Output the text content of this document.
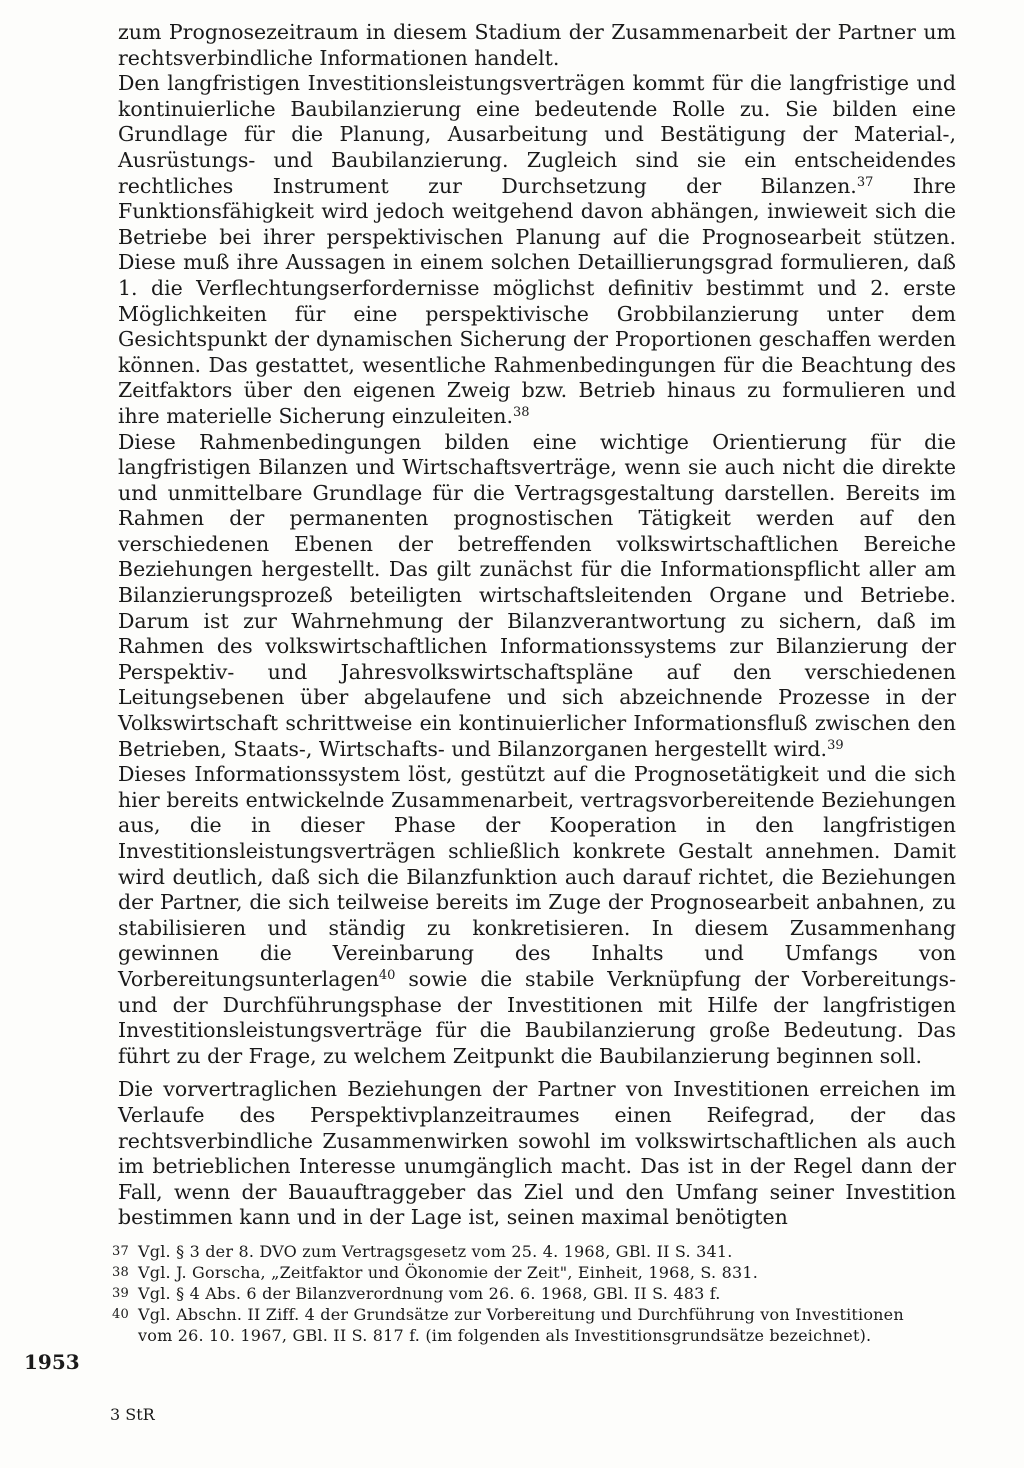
zum Prognosezeitraum in diesem Stadium der Zusammenarbeit der Partner um rechtsverbindliche Informationen handelt.

Den langfristigen Investitionsleistungsverträgen kommt für die langfristige und kontinuierliche Baubilanzierung eine bedeutende Rolle zu. Sie bilden eine Grundlage für die Planung, Ausarbeitung und Bestätigung der Material-, Ausrüstungs- und Baubilanzierung. Zugleich sind sie ein entscheidendes rechtliches Instrument zur Durchsetzung der Bilanzen.$^{37}$ Ihre Funktionsfähigkeit wird jedoch weitgehend davon abhängen, inwieweit sich die Betriebe bei ihrer perspektivischen Planung auf die Prognosearbeit stützen. Diese muß ihre Aussagen in einem solchen Detaillierungsgrad formulieren, daß 1. die Verflechtungserfordernisse möglichst definitiv bestimmt und 2. erste Möglichkeiten für eine perspektivische Grobbilanzierung unter dem Gesichtspunkt der dynamischen Sicherung der Proportionen geschaffen werden können. Das gestattet, wesentliche Rahmenbedingungen für die Beachtung des Zeitfaktors über den eigenen Zweig bzw. Betrieb hinaus zu formulieren und ihre materielle Sicherung einzuleiten.$^{38}$

Diese Rahmenbedingungen bilden eine wichtige Orientierung für die langfristigen Bilanzen und Wirtschaftsverträge, wenn sie auch nicht die direkte und unmittelbare Grundlage für die Vertragsgestaltung darstellen. Bereits im Rahmen der permanenten prognostischen Tätigkeit werden auf den verschiedenen Ebenen der betreffenden volkswirtschaftlichen Bereiche Beziehungen hergestellt. Das gilt zunächst für die Informationspflicht aller am Bilanzierungsprozeß beteiligten wirtschaftsleitenden Organe und Betriebe. Darum ist zur Wahrnehmung der Bilanzverantwortung zu sichern, daß im Rahmen des volkswirtschaftlichen Informationssystems zur Bilanzierung der Perspektiv- und Jahresvolkswirtschaftspläne auf den verschiedenen Leitungsebenen über abgelaufene und sich abzeichnende Prozesse in der Volkswirtschaft schrittweise ein kontinuierlicher Informationsfluß zwischen den Betrieben, Staats-, Wirtschafts- und Bilanzorganen hergestellt wird.$^{39}$

Dieses Informationssystem löst, gestützt auf die Prognosetätigkeit und die sich hier bereits entwickelnde Zusammenarbeit, vertragsvorbereitende Beziehungen aus, die in dieser Phase der Kooperation in den langfristigen Investitionsleistungsverträgen schließlich konkrete Gestalt annehmen. Damit wird deutlich, daß sich die Bilanzfunktion auch darauf richtet, die Beziehungen der Partner, die sich teilweise bereits im Zuge der Prognosearbeit anbahnen, zu stabilisieren und ständig zu konkretisieren. In diesem Zusammenhang gewinnen die Vereinbarung des Inhalts und Umfangs von Vorbereitungsunterlagen$^{40}$ sowie die stabile Verknüpfung der Vorbereitungs- und der Durchführungsphase der Investitionen mit Hilfe der langfristigen Investitionsleistungsverträge für die Baubilanzierung große Bedeutung. Das führt zu der Frage, zu welchem Zeitpunkt die Baubilanzierung beginnen soll.

Die vorvertraglichen Beziehungen der Partner von Investitionen erreichen im Verlaufe des Perspektivplanzeitraumes einen Reifegrad, der das rechtsverbindliche Zusammenwirken sowohl im volkswirtschaftlichen als auch im betrieblichen Interesse unumgänglich macht. Das ist in der Regel dann der Fall, wenn der Bauauftraggeber das Ziel und den Umfang seiner Investition bestimmen kann und in der Lage ist, seinen maximal benötigten

37 Vgl. § 3 der 8. DVO zum Vertragsgesetz vom 25. 4. 1968, GBl. II S. 341.
38 Vgl. J. Gorscha, „Zeitfaktor und Ökonomie der Zeit", Einheit, 1968, S. 831.
39 Vgl. § 4 Abs. 6 der Bilanzverordnung vom 26. 6. 1968, GBl. II S. 483 f.
40 Vgl. Abschn. II Ziff. 4 der Grundsätze zur Vorbereitung und Durchführung von Investitionen vom 26. 10. 1967, GBl. II S. 817 f. (im folgenden als Investitionsgrundsätze bezeichnet).
1953
3 StR
